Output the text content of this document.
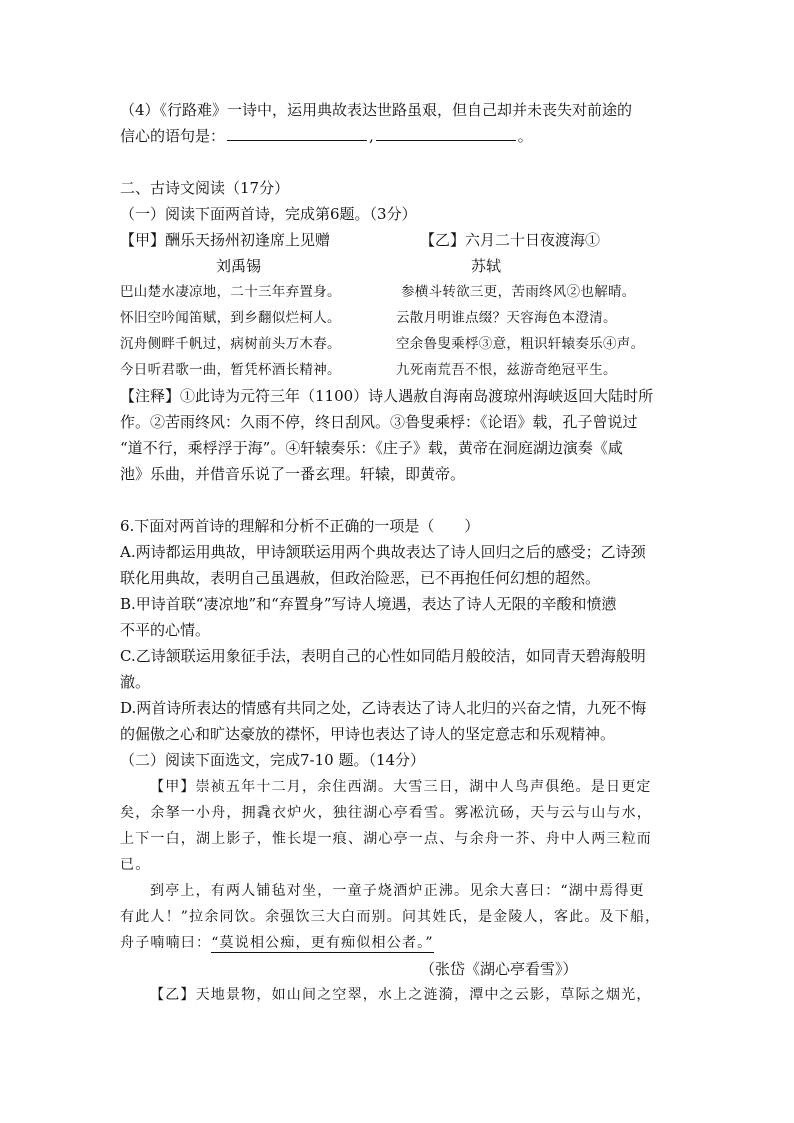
（4）《行路难》一诗中，运用典故表达世路虽艰，但自己却并未丧失对前途的
信心的语句是：	,	。
二、古诗文阅读（17分）
（一）阅读下面两首诗，完成第6题。（3分）
【甲】酬乐天扬州初逢席上见赠	【乙】六月二十日夜渡海①
刘禹锡	苏轼
巴山楚水凄凉地，二十三年弃置身。	参横斗转欲三更，苦雨终风②也解晴。
怀旧空吟闻笛赋，到乡翻似烂柯人。	云散月明谁点缀？天容海色本澄清。
沉舟侧畔千帆过，病树前头万木春。	空余鲁叟乘桴③意，粗识轩辕奏乐④声。
今日听君歌一曲，暂凭杯酒长精神。	九死南荒吾不恨，兹游奇绝冠平生。
【注释】①此诗为元符三年（1100）诗人遇赦自海南岛渡琼州海峡返回大陆时所
作。②苦雨终风：久雨不停，终日刮风。③鲁叟乘桴：《论语》载，孔子曾说过
“道不行，乘桴浮于海”。④轩辕奏乐：《庄子》载，黄帝在洞庭湖边演奏《咸
池》乐曲，并借音乐说了一番玄理。轩辕，即黄帝。
6.下面对两首诗的理解和分析不正确的一项是（　　）
A.两诗都运用典故，甲诗颔联运用两个典故表达了诗人回归之后的感受；乙诗颈
联化用典故，表明自己虽遇赦，但政治险恶，已不再抱任何幻想的超然。
B.甲诗首联“凄凉地”和“弃置身”写诗人境遇，表达了诗人无限的辛酸和愤懑
不平的心情。
C.乙诗颔联运用象征手法，表明自己的心性如同皓月般皎洁，如同青天碧海般明
澈。
D.两首诗所表达的情感有共同之处，乙诗表达了诗人北归的兴奋之情，九死不悔
的倔傲之心和旷达豪放的襟怀，甲诗也表达了诗人的坚定意志和乐观精神。
（二）阅读下面选文，完成7-10 题。（14分）
【甲】崇祯五年十二月，余住西湖。大雪三日，湖中人鸟声俱绝。是日更定
矣，余拏一小舟，拥毳衣炉火，独往湖心亭看雪。雾凇沆砀，天与云与山与水，
上下一白，湖上影子，惟长堤一痕、湖心亭一点、与余舟一芥、舟中人两三粒而
已。
到亭上，有两人铺毡对坐，一童子烧酒炉正沸。见余大喜曰：“湖中焉得更
有此人！”拉余同饮。余强饮三大白而别。问其姓氏，是金陵人，客此。及下船，
舟子喃喃曰：“莫说相公痴，更有痴似相公者。”
（张岱《湖心亭看雪》）
【乙】天地景物，如山间之空翠，水上之涟漪，潭中之云影，草际之烟光，
